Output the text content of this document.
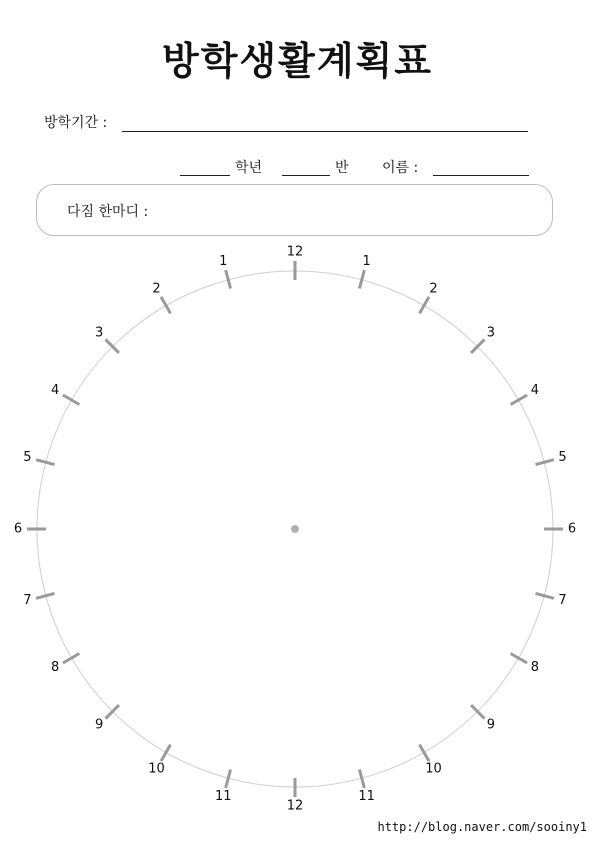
방학생활계획표
방학기간 :
학년	반 이름 :
다짐 한마디 :
12
1
2
3
4
5
6
7
8
9
10
11
12
11
10
9
8
7
6
5
4
3
2
1
http://blog.naver.com/sooiny1
